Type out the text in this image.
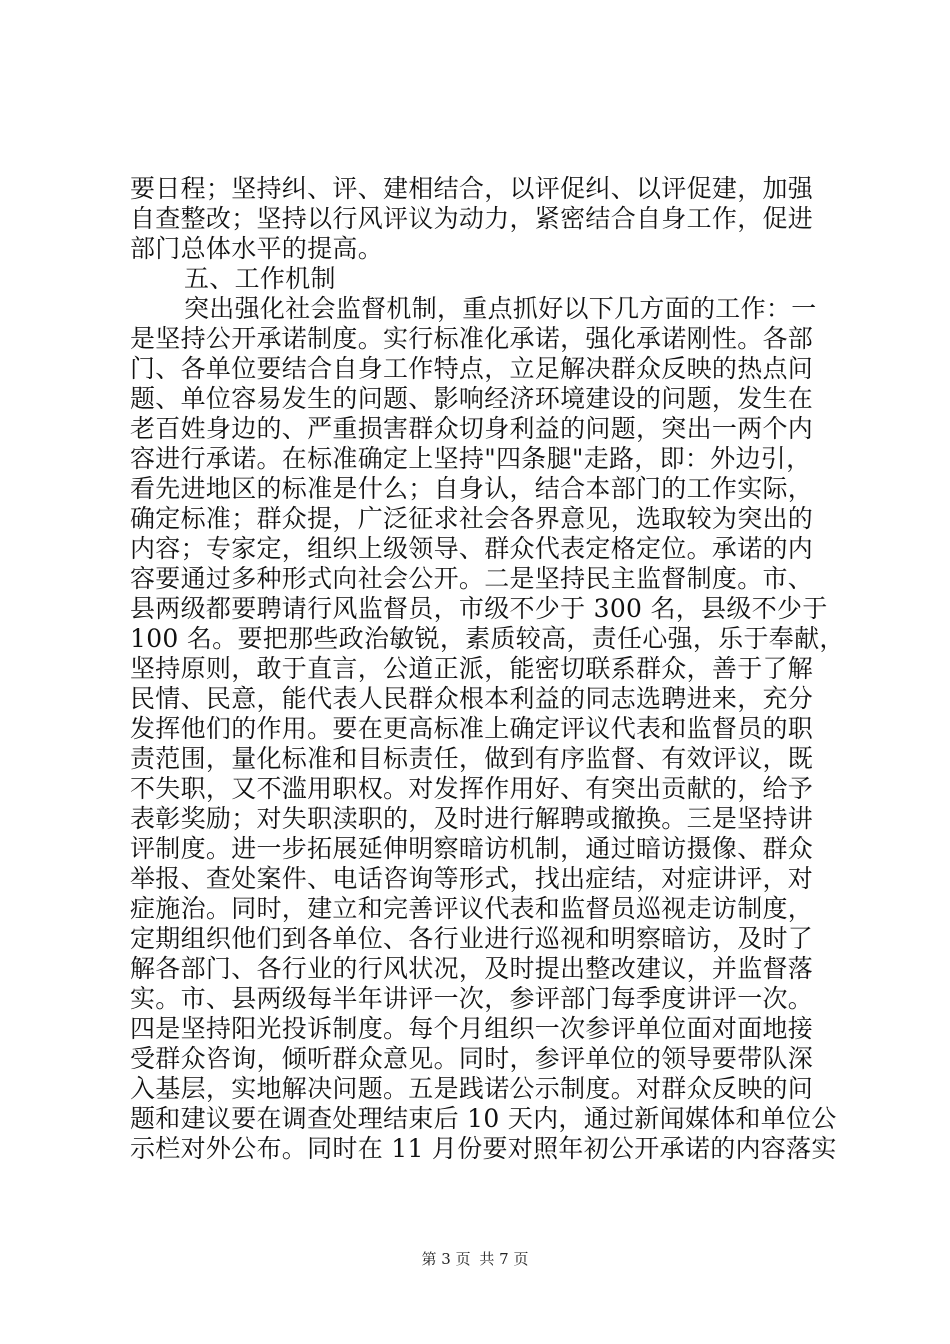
要日程；坚持纠、评、建相结合，以评促纠、以评促建，加强
自查整改；坚持以行风评议为动力，紧密结合自身工作，促进
部门总体水平的提高。
五、工作机制
突出强化社会监督机制，重点抓好以下几方面的工作：一
是坚持公开承诺制度。实行标准化承诺，强化承诺刚性。各部
门、各单位要结合自身工作特点，立足解决群众反映的热点问
题、单位容易发生的问题、影响经济环境建设的问题，发生在
老百姓身边的、严重损害群众切身利益的问题，突出一两个内
容进行承诺。在标准确定上坚持"四条腿"走路，即：外边引，
看先进地区的标准是什么；自身认，结合本部门的工作实际，
确定标准；群众提，广泛征求社会各界意见，选取较为突出的
内容；专家定，组织上级领导、群众代表定格定位。承诺的内
容要通过多种形式向社会公开。二是坚持民主监督制度。市、
县两级都要聘请行风监督员，市级不少于 300 名，县级不少于
100 名。要把那些政治敏锐，素质较高，责任心强，乐于奉献，
坚持原则，敢于直言，公道正派，能密切联系群众，善于了解
民情、民意，能代表人民群众根本利益的同志选聘进来，充分
发挥他们的作用。要在更高标准上确定评议代表和监督员的职
责范围，量化标准和目标责任，做到有序监督、有效评议，既
不失职，又不滥用职权。对发挥作用好、有突出贡献的，给予
表彰奖励；对失职渎职的，及时进行解聘或撤换。三是坚持讲
评制度。进一步拓展延伸明察暗访机制，通过暗访摄像、群众
举报、查处案件、电话咨询等形式，找出症结，对症讲评，对
症施治。同时，建立和完善评议代表和监督员巡视走访制度，
定期组织他们到各单位、各行业进行巡视和明察暗访，及时了
解各部门、各行业的行风状况，及时提出整改建议，并监督落
实。市、县两级每半年讲评一次，参评部门每季度讲评一次。
四是坚持阳光投诉制度。每个月组织一次参评单位面对面地接
受群众咨询，倾听群众意见。同时，参评单位的领导要带队深
入基层，实地解决问题。五是践诺公示制度。对群众反映的问
题和建议要在调查处理结束后 10 天内，通过新闻媒体和单位公
示栏对外公布。同时在 11 月份要对照年初公开承诺的内容落实
第 3 页 共 7 页
